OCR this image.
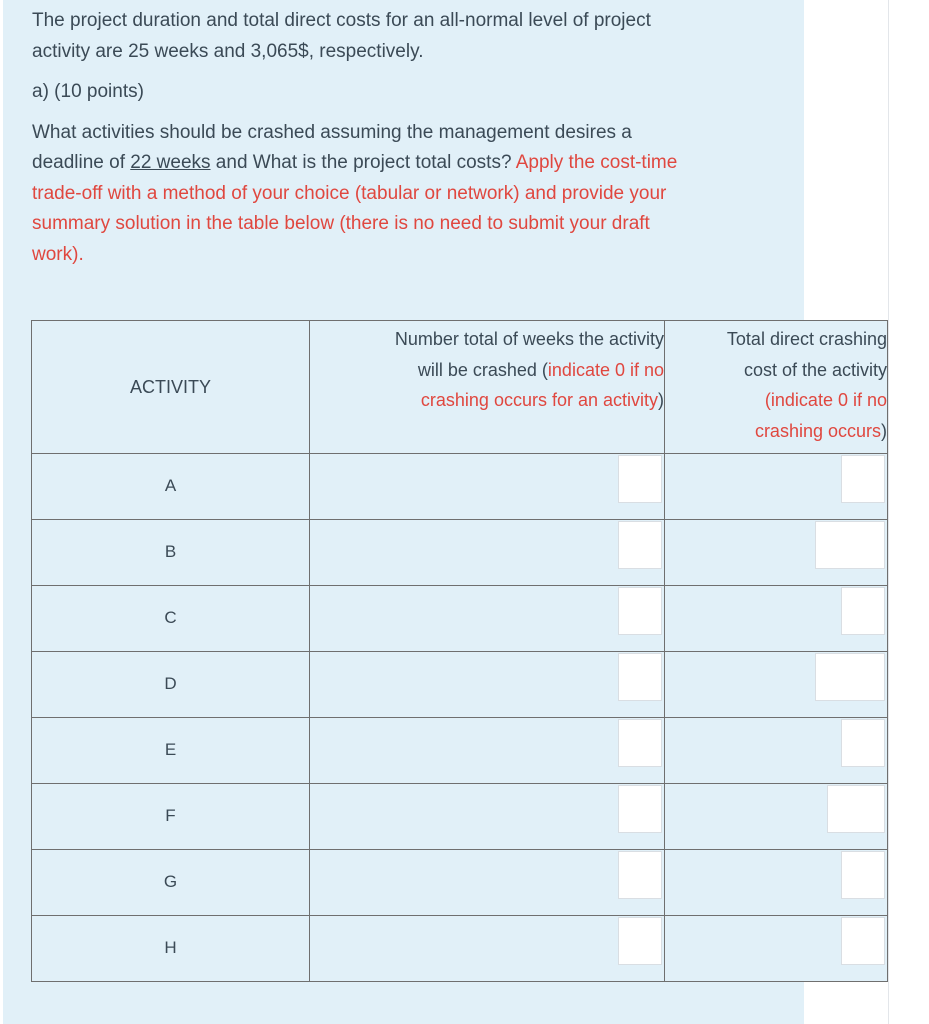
The project duration and total direct costs for an all-normal level of project
activity are 25 weeks and 3,065$, respectively.

a) (10 points)

What activities should be crashed assuming the management desires a
deadline of 22 weeks and What is the project total costs? Apply the cost-time
trade-off with a method of your choice (tabular or network) and provide your
summary solution in the table below (there is no need to submit your draft
work).

ACTIVITY	Number total of weeks the activity
will be crashed (indicate 0 if no
crashing occurs for an activity)	Total direct crashing
cost of the activity
(indicate 0 if no
crashing occurs)
A	

B	

C	

D	

E	

F	

G	

H	
